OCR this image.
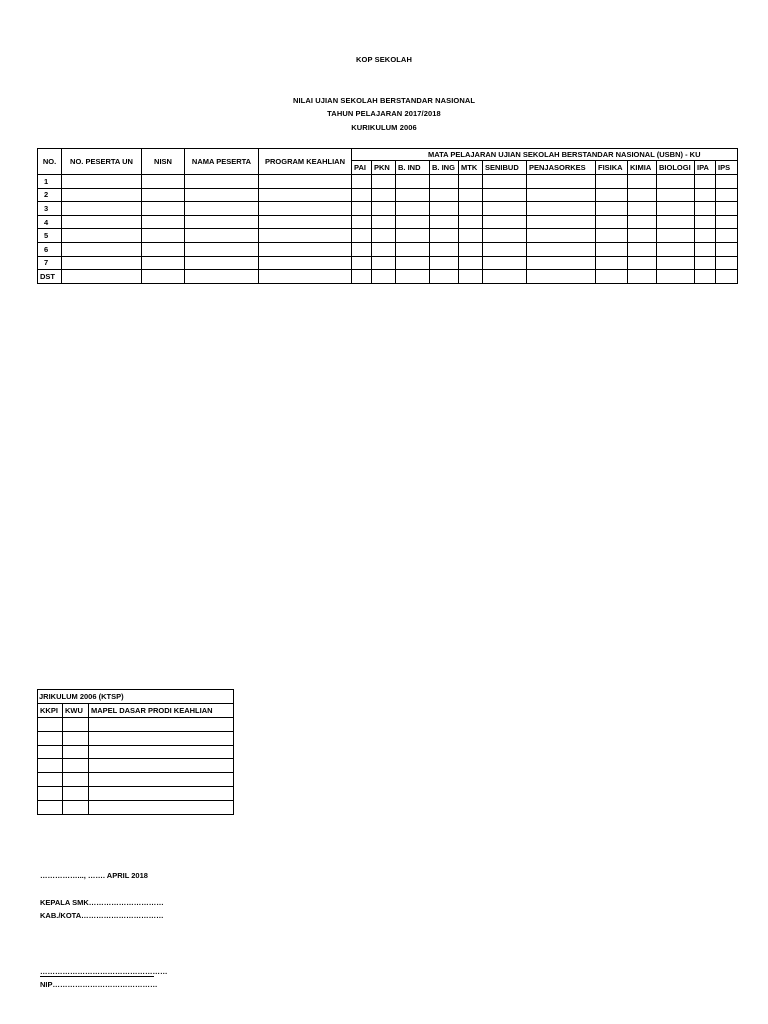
KOP SEKOLAH
NILAI UJIAN SEKOLAH BERSTANDAR NASIONAL
TAHUN PELAJARAN 2017/2018
KURIKULUM 2006
NO.	NO. PESERTA UN	NISN	NAMA PESERTA	PROGRAM KEAHLIAN	MATA PELAJARAN UJIAN SEKOLAH BERSTANDAR NASIONAL (USBN) - KU											
					PAI	PKN	B. IND	B. ING	MTK	SENIBUD	PENJASORKES	FISIKA	KIMIA	BIOLOGI	IPA	IPS
1																
2																
3																
4																
5																
6																
7																
DST																
JRIKULUM 2006 (KTSP)		
KKPI	KWU	MAPEL DASAR PRODI KEAHLIAN

……………..., ……. APRIL 2018
KEPALA SMK…………………………
KAB./KOTA……………………………
……………………………………………
NIP……………………………………
